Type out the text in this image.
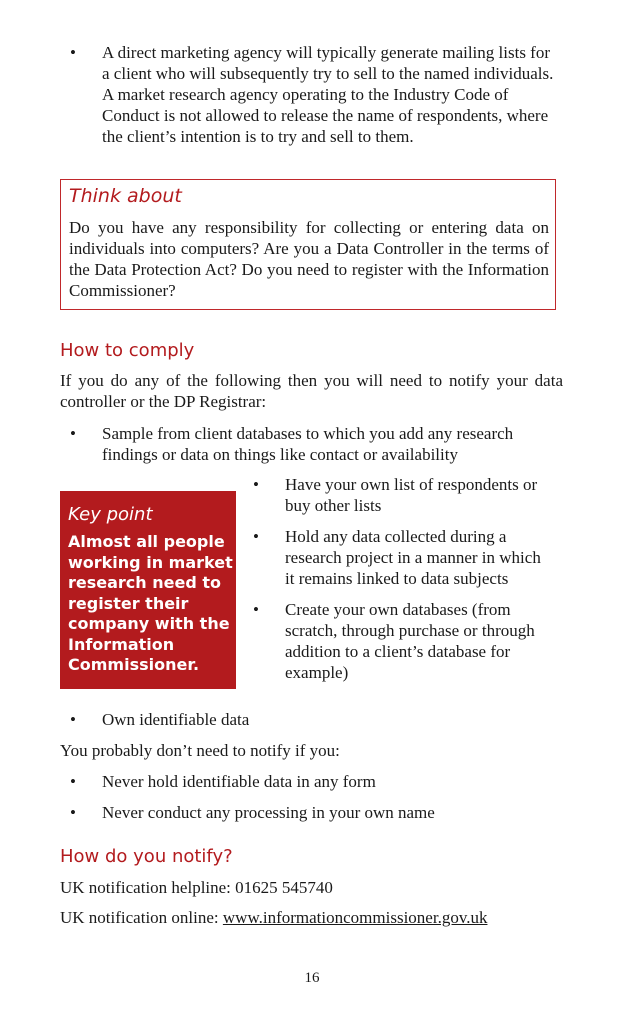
• A direct marketing agency will typically generate mailing lists for a client who will subsequently try to sell to the named individuals. A market research agency operating to the Industry Code of Conduct is not allowed to release the name of respondents, where the client’s intention is to try and sell to them.
Think about
Do you have any responsibility for collecting or entering data on individuals into computers? Are you a Data Controller in the terms of the Data Protection Act? Do you need to register with the Information Commissioner?
How to comply
If you do any of the following then you will need to notify your data controller or the DP Registrar:
• Sample from client databases to which you add any research findings or data on things like contact or availability
Key point
Almost all people working in market research need to register their company with the Information Commissioner.
• Have your own list of respondents or buy other lists
• Hold any data collected during a research project in a manner in which it remains linked to data subjects
• Create your own databases (from scratch, through purchase or through addition to a client’s database for example)
• Own identifiable data
You probably don’t need to notify if you:
• Never hold identifiable data in any form
• Never conduct any processing in your own name
How do you notify?
UK notification helpline: 01625 545740
UK notification online: www.informationcommissioner.gov.uk
16
